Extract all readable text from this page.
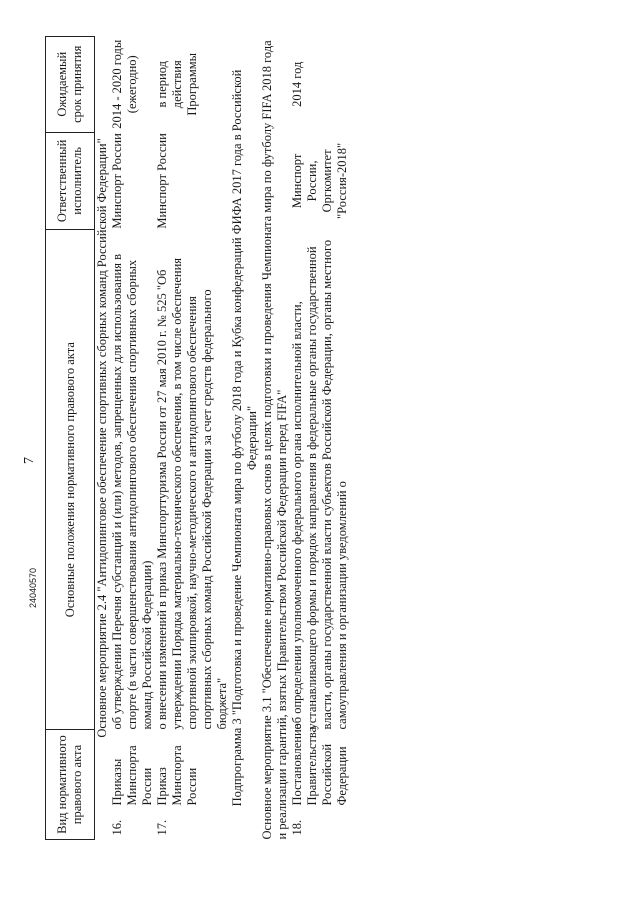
7
Вид нормативного правового акта	Основные положения нормативного правового акта	Ответственный исполнитель	Ожидаемый срок принятия
Основное мероприятие 2.4 "Антидопинговое обеспечение спортивных сборных команд Российской Федерации"			

16.
Приказы Минспорта России	об утверждении Перечня субстанций и (или) методов, запрещенных для использования в спорте (в части совершенствования антидопингового обеспечения спортивных сборных команд Российской Федерации)	Минспорт России	2014 - 2020 годы (ежегодно)

17.
Приказ Минспорта России	о внесении изменений в приказ Минспорттуризма России от 27 мая 2010 г. № 525 "Об утверждении Порядка материально-технического обеспечения, в том числе обеспечения спортивной экипировкой, научно-методического и антидопингового обеспечения спортивных сборных команд Российской Федерации за счет средств федерального бюджета"	Минспорт России	в период действия Программы
Подпрограмма 3 "Подготовка и проведение Чемпионата мира по футболу 2018 года и Кубка конфедераций ФИФА 2017 года в Российской Федерации"			
Основное мероприятие 3.1 "Обеспечение нормативно-правовых основ в целях подготовки и проведения Чемпионата мира по футболу FIFA 2018 года и реализации гарантий, взятых Правительством Российской Федерации перед FIFA"			

18.
Постановление Правительства Российской Федерации	об определении уполномоченного федерального органа исполнительной власти, устанавливающего формы и порядок направления в федеральные органы государственной власти, органы государственной власти субъектов Российской Федерации, органы местного самоуправления и организации уведомлений о	Минспорт России, Оргкомитет "Россия-2018"	2014 год
24040570
